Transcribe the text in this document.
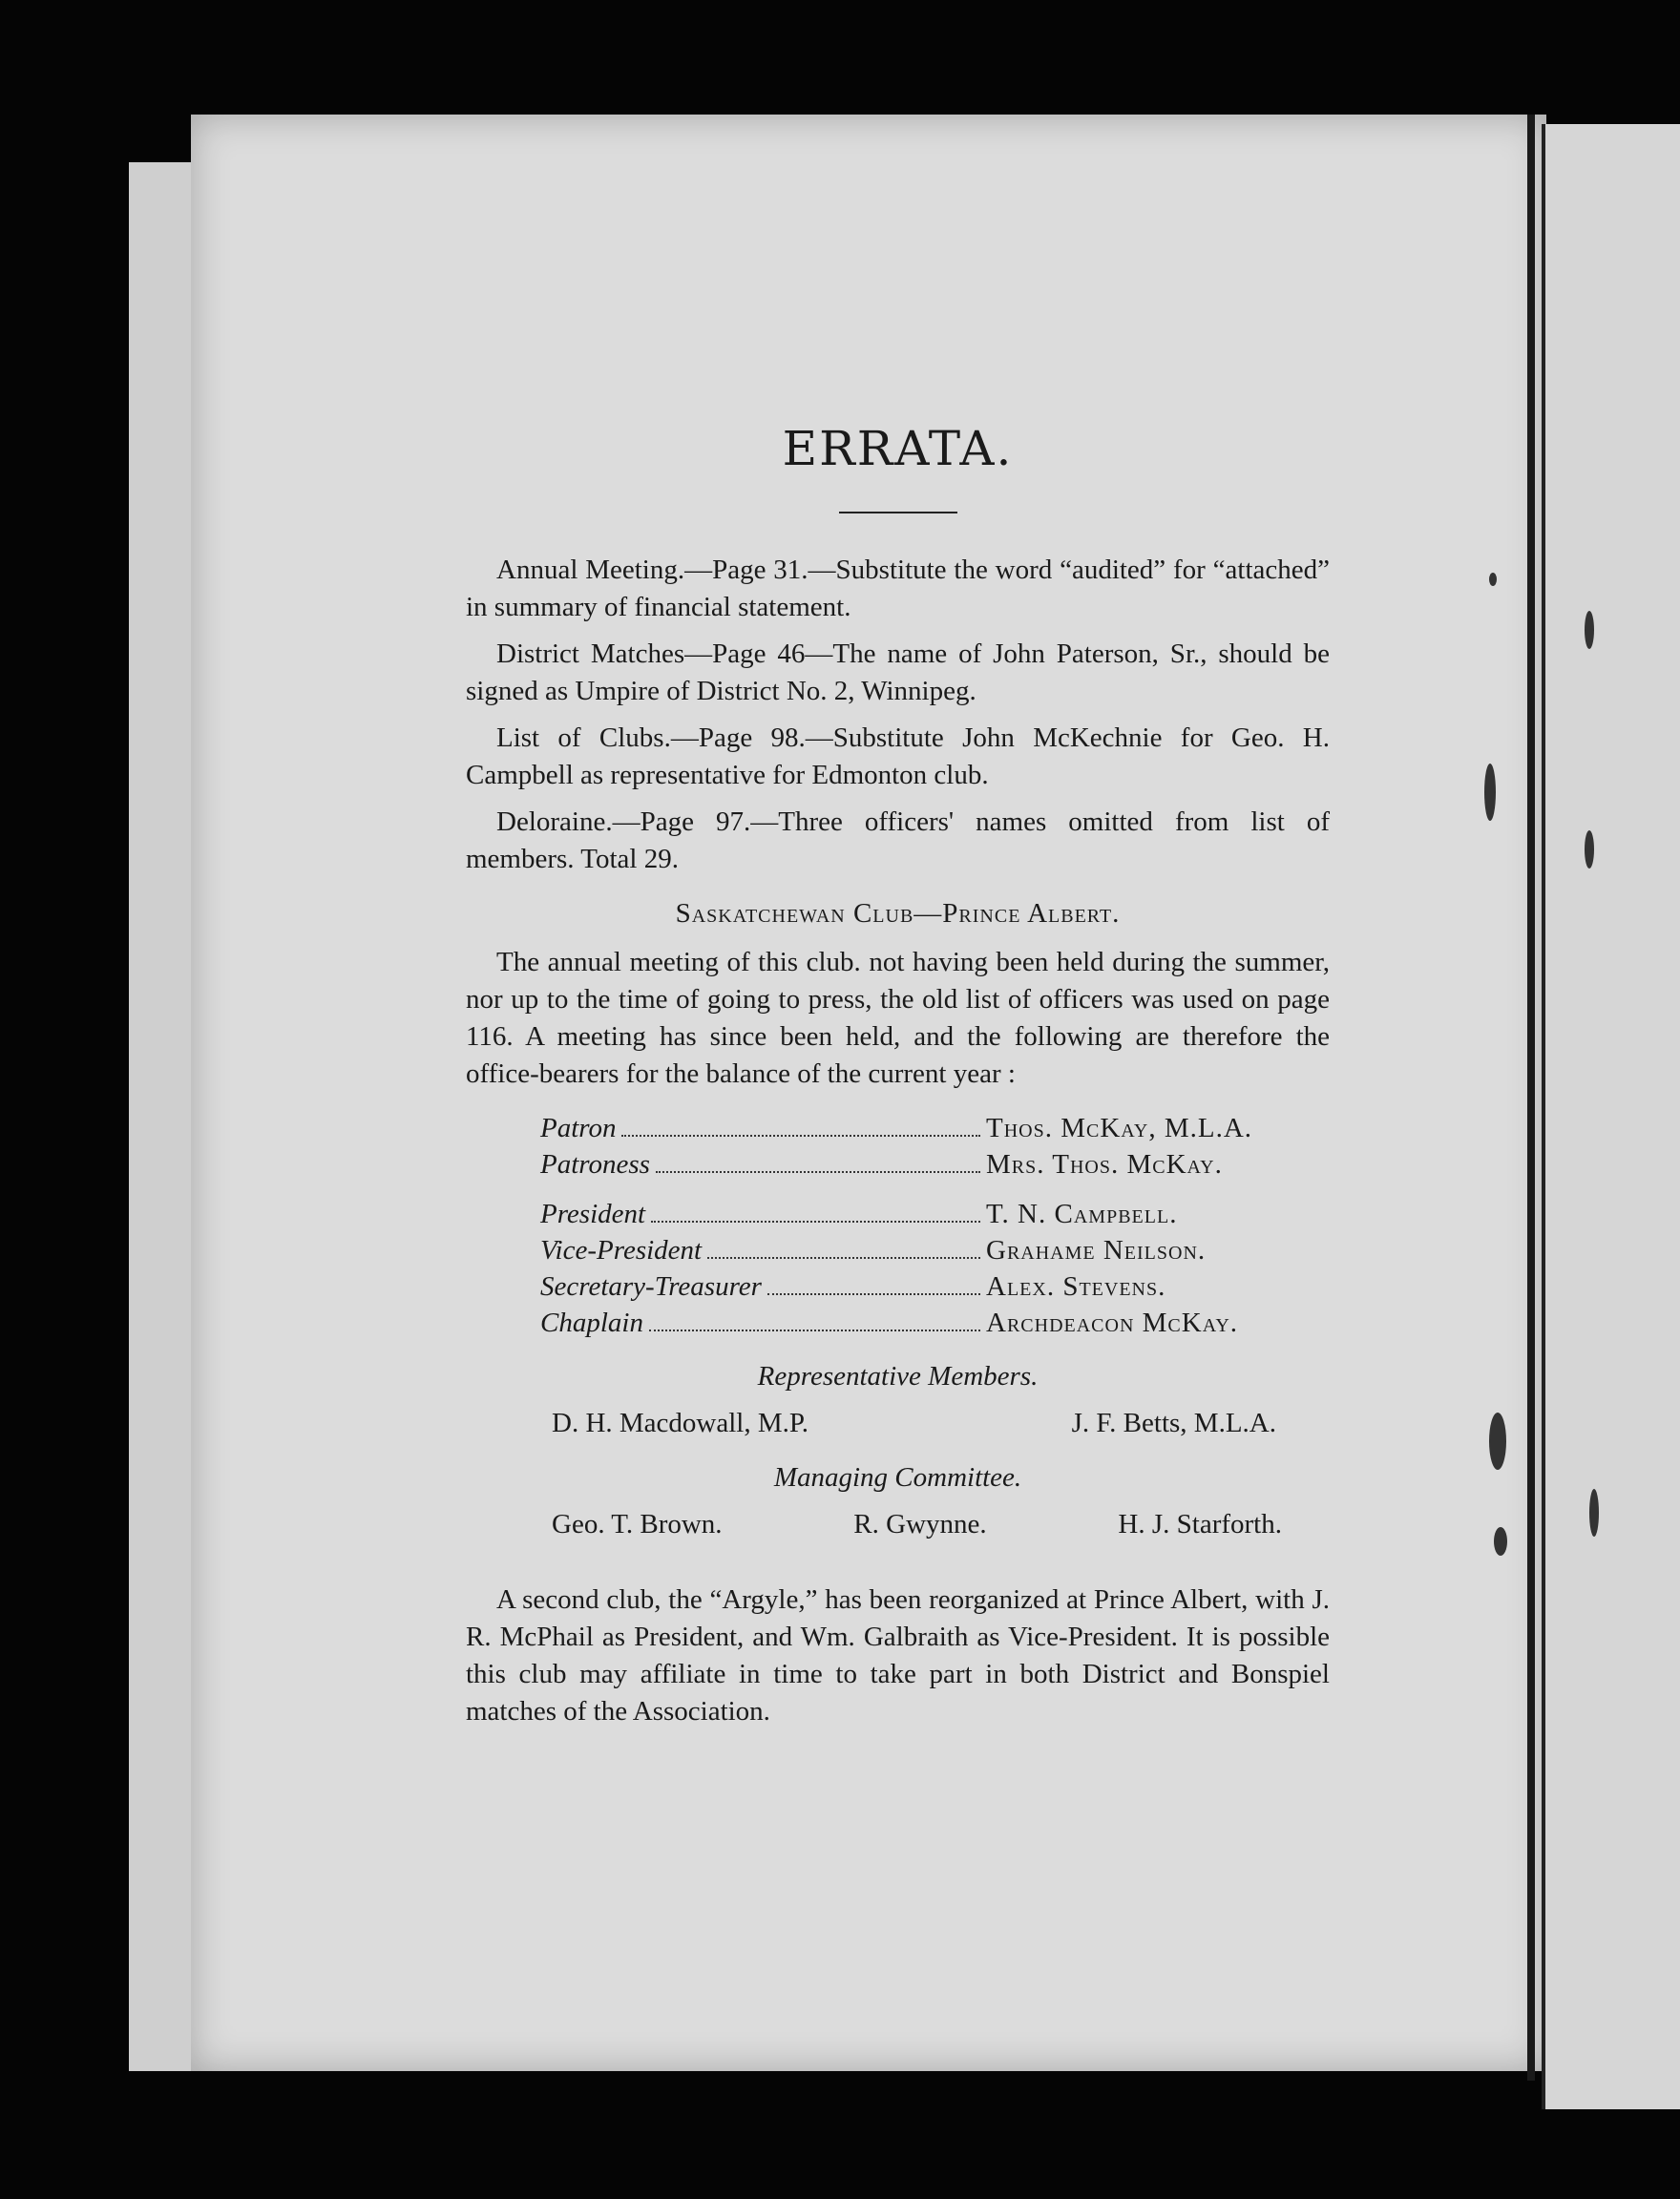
ERRATA.

Annual Meeting.—Page 31.—Substitute the word “audited” for “attached” in summary of financial statement.

District Matches—Page 46—The name of John Paterson, Sr., should be signed as Umpire of District No. 2, Winnipeg.

List of Clubs.—Page 98.—Substitute John McKechnie for Geo. H. Campbell as representative for Edmonton club.

Deloraine.—Page 97.—Three officers' names omitted from list of members. Total 29.

Saskatchewan Club—Prince Albert.

The annual meeting of this club. not having been held during the summer, nor up to the time of going to press, the old list of officers was used on page 116. A meeting has since been held, and the following are therefore the office-bearers for the balance of the current year :

Patron	Thos. McKay, M.L.A.
Patroness	Mrs. Thos. McKay.
President	T. N. Campbell.
Vice-President	Grahame Neilson.
Secretary-Treasurer	Alex. Stevens.
Chaplain	Archdeacon McKay.
Representative Members.
D. H. Macdowall, M.P.	J. F. Betts, M.L.A.
Managing Committee.
Geo. T. Brown.	R. Gwynne.	H. J. Starforth.

A second club, the “Argyle,” has been reorganized at Prince Albert, with J. R. McPhail as President, and Wm. Galbraith as Vice-President. It is possible this club may affiliate in time to take part in both District and Bonspiel matches of the Association.
